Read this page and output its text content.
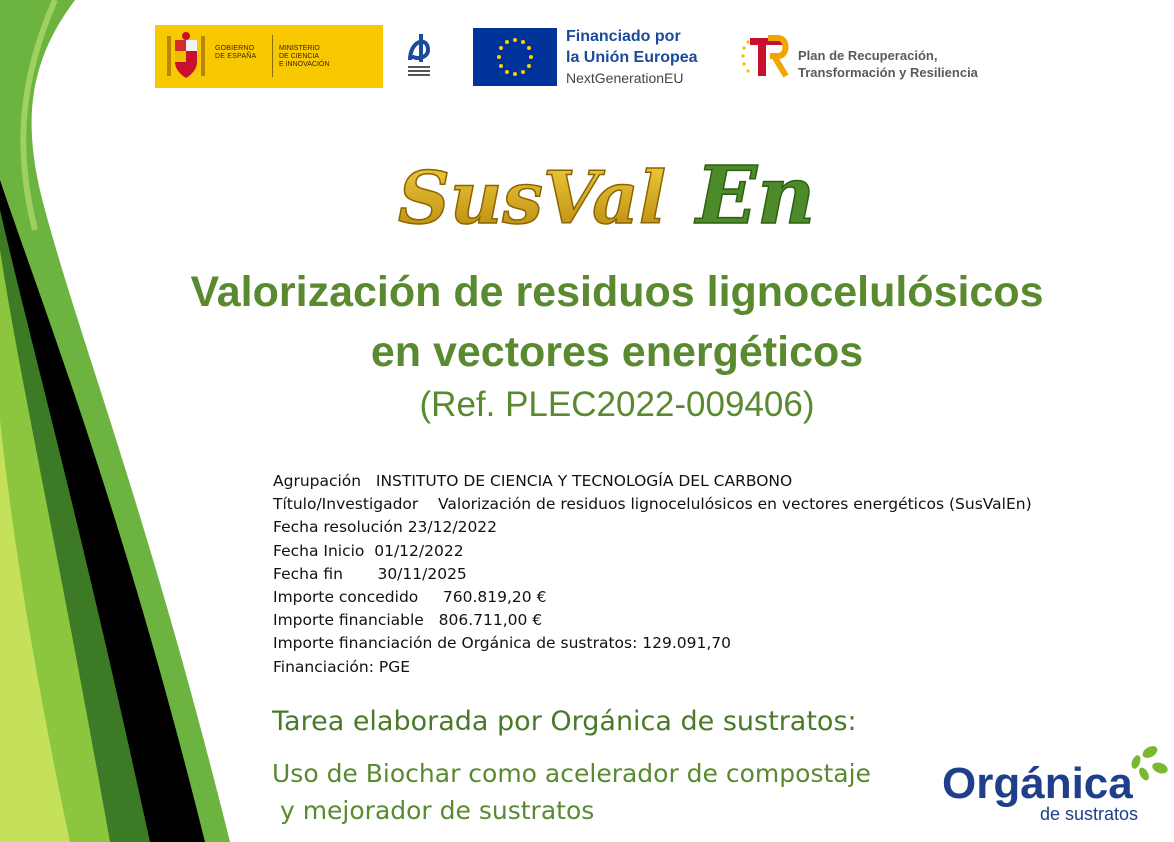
GOBIERNO
DE ESPAÑA
MINISTERIO
DE CIENCIA
E INNOVACIÓN
Financiado por
la Unión Europea
NextGenerationEU
Plan de Recuperación,
Transformación y Resiliencia
SusVal En
Valorización de residuos lignocelulósicos
en vectores energéticos
(Ref. PLEC2022-009406)
Agrupación   INSTITUTO DE CIENCIA Y TECNOLOGÍA DEL CARBONO
Título/Investigador    Valorización de residuos lignocelulósicos en vectores energéticos (SusValEn)
Fecha resolución 23/12/2022
Fecha Inicio  01/12/2022
Fecha fin       30/11/2025
Importe concedido     760.819,20 €
Importe financiable   806.711,00 €
Importe financiación de Orgánica de sustratos: 129.091,70
Financiación: PGE
Tarea elaborada por Orgánica de sustratos:
Uso de Biochar como acelerador de compostaje
y mejorador de sustratos
Orgánica
de sustratos
